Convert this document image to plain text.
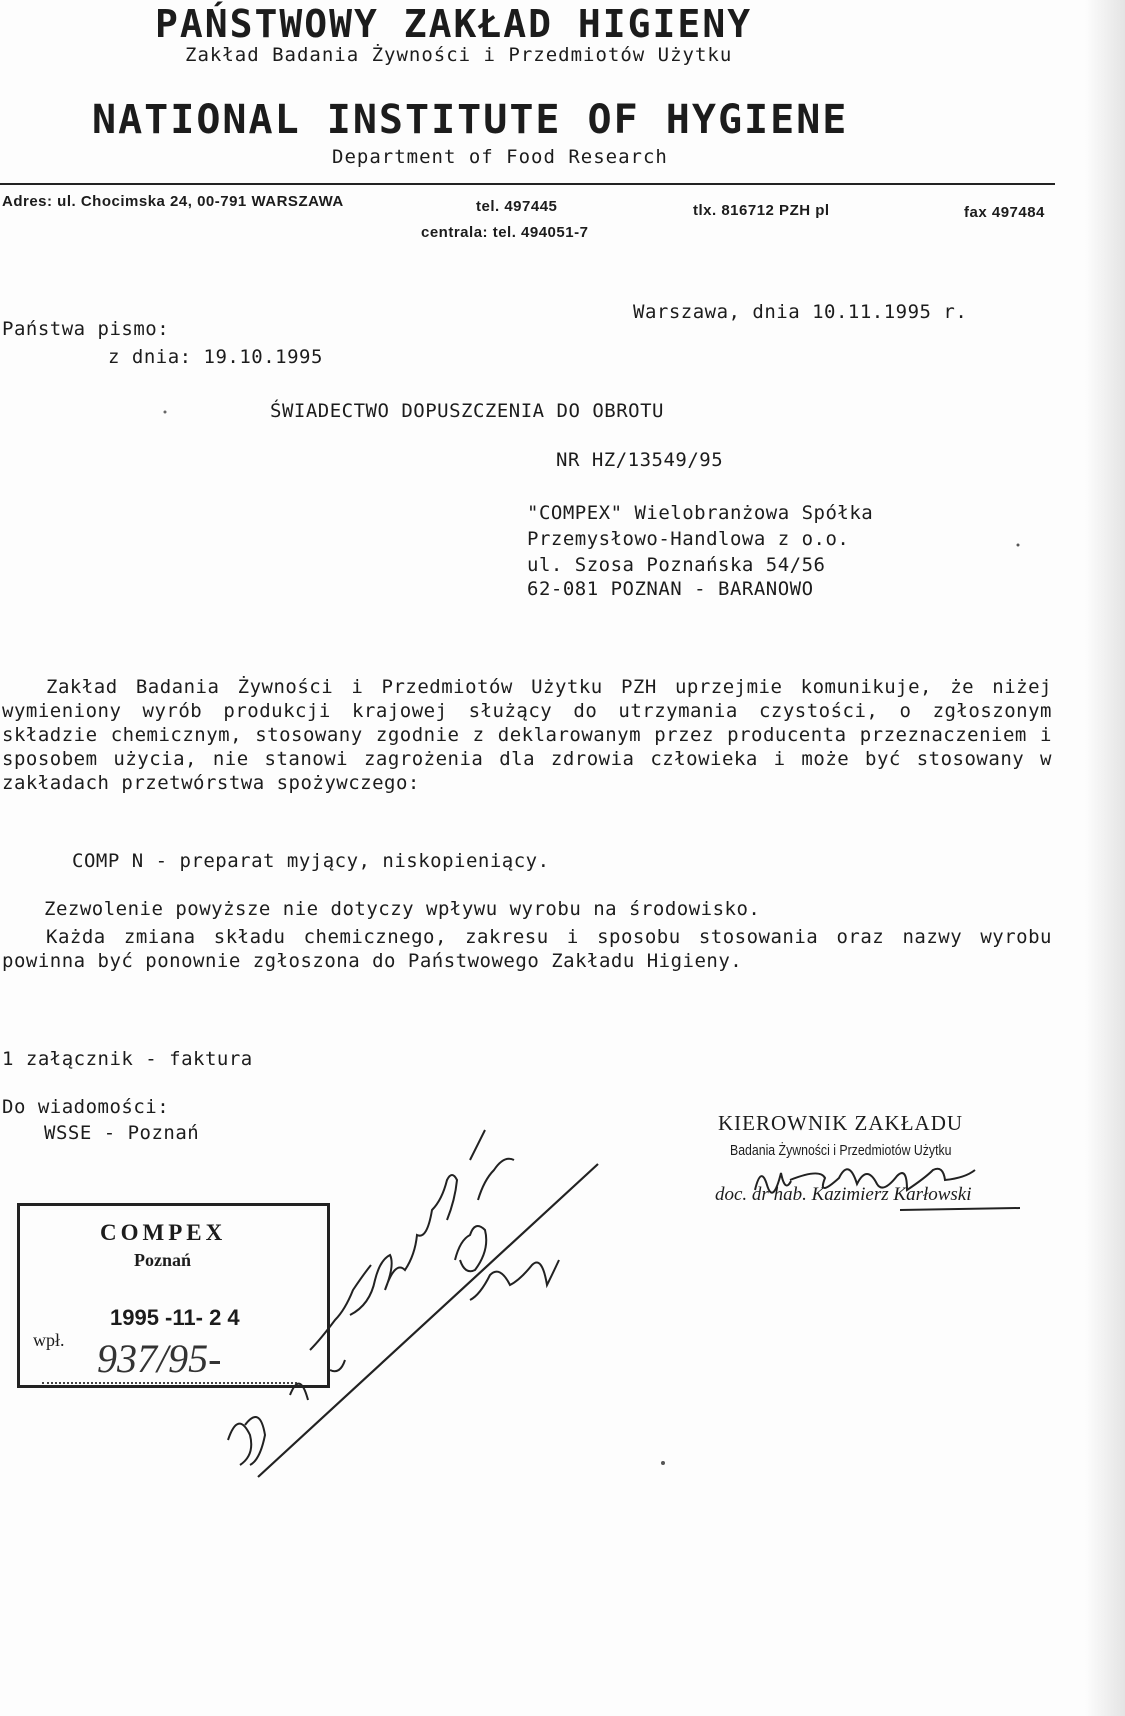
PAŃSTWOWY ZAKŁAD HIGIENY
Zakład Badania Żywności i Przedmiotów Użytku
NATIONAL INSTITUTE OF HYGIENE
Department of Food Research
Adres: ul. Chocimska 24, 00-791 WARSZAWA	tel. 497445
centrala: tel. 494051-7
tlx. 816712 PZH pl	fax 497484
Warszawa, dnia 10.11.1995 r.
Państwa pismo:
z dnia: 19.10.1995
ŚWIADECTWO DOPUSZCZENIA DO OBROTU
NR HZ/13549/95
"COMPEX" Wielobranżowa Spółka
Przemysłowo-Handlowa z o.o.
ul. Szosa Poznańska 54/56
62-081 POZNAN - BARANOWO
Zakład Badania Żywności i Przedmiotów Użytku PZH uprzejmie komunikuje, że niżej wymieniony wyrób produkcji krajowej służący do utrzymania czystości, o zgłoszonym składzie chemicznym, stosowany zgodnie z deklarowanym przez producenta przeznaczeniem i sposobem użycia, nie stanowi zagrożenia dla zdrowia człowieka i może być stosowany w zakładach przetwórstwa spożywczego:
COMP N - preparat myjący, niskopieniący.
Zezwolenie powyższe nie dotyczy wpływu wyrobu na środowisko.
Każda zmiana składu chemicznego, zakresu i sposobu stosowania oraz nazwy wyrobu powinna być ponownie zgłoszona do Państwowego Zakładu Higieny.
1 załącznik - faktura
Do wiadomości:
WSSE - Poznań	KIEROWNIK ZAKŁADU
Badania Żywności i Przedmiotów Użytku
doc. dr hab. Kazimierz Karłowski
COMPEX
Poznań
1995 -11- 2 4
wpł. 937/95-
